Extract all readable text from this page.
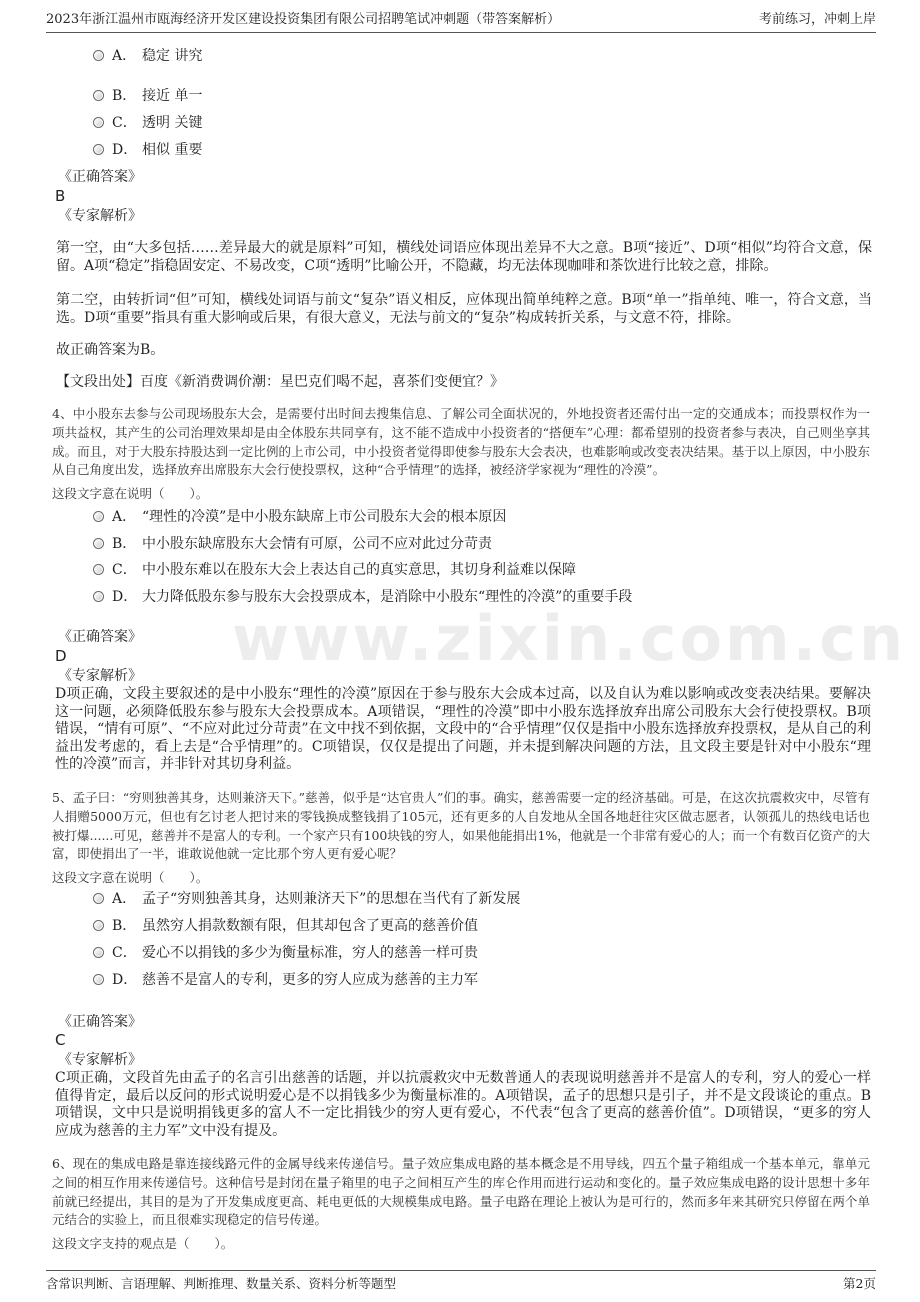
2023年浙江温州市瓯海经济开发区建设投资集团有限公司招聘笔试冲刺题（带答案解析）	考前练习，冲刺上岸
www.zixin.com.cn
A． 稳定 讲究
B． 接近 单一
C． 透明 关键
D． 相似 重要
《正确答案》
B
《专家解析》
第一空，由“大多包括……差异最大的就是原料”可知，横线处词语应体现出差异不大之意。B项“接近”、D项“相似”均符合文意，保留。A项“稳定”指稳固安定、不易改变，C项“透明”比喻公开，不隐藏，均无法体现咖啡和茶饮进行比较之意，排除。
第二空，由转折词“但”可知，横线处词语与前文“复杂”语义相反，应体现出简单纯粹之意。B项“单一”指单纯、唯一，符合文意，当选。D项“重要”指具有重大影响或后果，有很大意义，无法与前文的“复杂”构成转折关系，与文意不符，排除。
故正确答案为B。
【文段出处】百度《新消费调价潮：星巴克们喝不起，喜茶们变便宜？》
4、中小股东去参与公司现场股东大会，是需要付出时间去搜集信息、了解公司全面状况的，外地投资者还需付出一定的交通成本；而投票权作为一项共益权，其产生的公司治理效果却是由全体股东共同享有，这不能不造成中小投资者的“搭便车”心理：都希望别的投资者参与表决，自己则坐享其成。而且，对于大股东持股达到一定比例的上市公司，中小投资者觉得即使参与股东大会表决，也难影响或改变表决结果。基于以上原因，中小股东从自己角度出发，选择放弃出席股东大会行使投票权，这种“合乎情理”的选择，被经济学家视为“理性的冷漠”。
这段文字意在说明（　　）。
A． “理性的冷漠”是中小股东缺席上市公司股东大会的根本原因
B． 中小股东缺席股东大会情有可原，公司不应对此过分苛责
C． 中小股东难以在股东大会上表达自己的真实意思，其切身利益难以保障
D． 大力降低股东参与股东大会投票成本，是消除中小股东“理性的冷漠”的重要手段
《正确答案》
D
《专家解析》
D项正确，文段主要叙述的是中小股东“理性的冷漠”原因在于参与股东大会成本过高，以及自认为难以影响或改变表决结果。要解决这一问题，必须降低股东参与股东大会投票成本。A项错误，“理性的冷漠”即中小股东选择放弃出席公司股东大会行使投票权。B项错误，“情有可原”、“不应对此过分苛责”在文中找不到依据，文段中的“合乎情理”仅仅是指中小股东选择放弃投票权，是从自己的利益出发考虑的，看上去是“合乎情理”的。C项错误，仅仅是提出了问题，并未提到解决问题的方法，且文段主要是针对中小股东“理性的冷漠”而言，并非针对其切身利益。
5、孟子曰：“穷则独善其身，达则兼济天下。”慈善，似乎是“达官贵人”们的事。确实，慈善需要一定的经济基础。可是，在这次抗震救灾中，尽管有人捐赠5000万元，但也有乞讨老人把讨来的零钱换成整钱捐了105元，还有更多的人自发地从全国各地赶往灾区做志愿者，认领孤儿的热线电话也被打爆......可见，慈善并不是富人的专利。一个家产只有100块钱的穷人，如果他能捐出1%，他就是一个非常有爱心的人；而一个有数百亿资产的大富，即使捐出了一半，谁敢说他就一定比那个穷人更有爱心呢？
这段文字意在说明（　　）。
A． 孟子“穷则独善其身，达则兼济天下”的思想在当代有了新发展
B． 虽然穷人捐款数额有限，但其却包含了更高的慈善价值
C． 爱心不以捐钱的多少为衡量标准，穷人的慈善一样可贵
D． 慈善不是富人的专利，更多的穷人应成为慈善的主力军
《正确答案》
C
《专家解析》
C项正确，文段首先由孟子的名言引出慈善的话题，并以抗震救灾中无数普通人的表现说明慈善并不是富人的专利，穷人的爱心一样值得肯定，最后以反问的形式说明爱心是不以捐钱多少为衡量标准的。A项错误，孟子的思想只是引子，并不是文段谈论的重点。B项错误，文中只是说明捐钱更多的富人不一定比捐钱少的穷人更有爱心，不代表“包含了更高的慈善价值”。D项错误，“更多的穷人应成为慈善的主力军”文中没有提及。
6、现在的集成电路是靠连接线路元件的金属导线来传递信号。量子效应集成电路的基本概念是不用导线，四五个量子箱组成一个基本单元，靠单元之间的相互作用来传递信号。这种信号是封闭在量子箱里的电子之间相互产生的库仑作用而进行运动和变化的。量子效应集成电路的设计思想十多年前就已经提出，其目的是为了开发集成度更高、耗电更低的大规模集成电路。量子电路在理论上被认为是可行的，然而多年来其研究只停留在两个单元结合的实验上，而且很难实现稳定的信号传递。
这段文字支持的观点是（　　）。
含常识判断、言语理解、判断推理、数量关系、资料分析等题型	第2页
